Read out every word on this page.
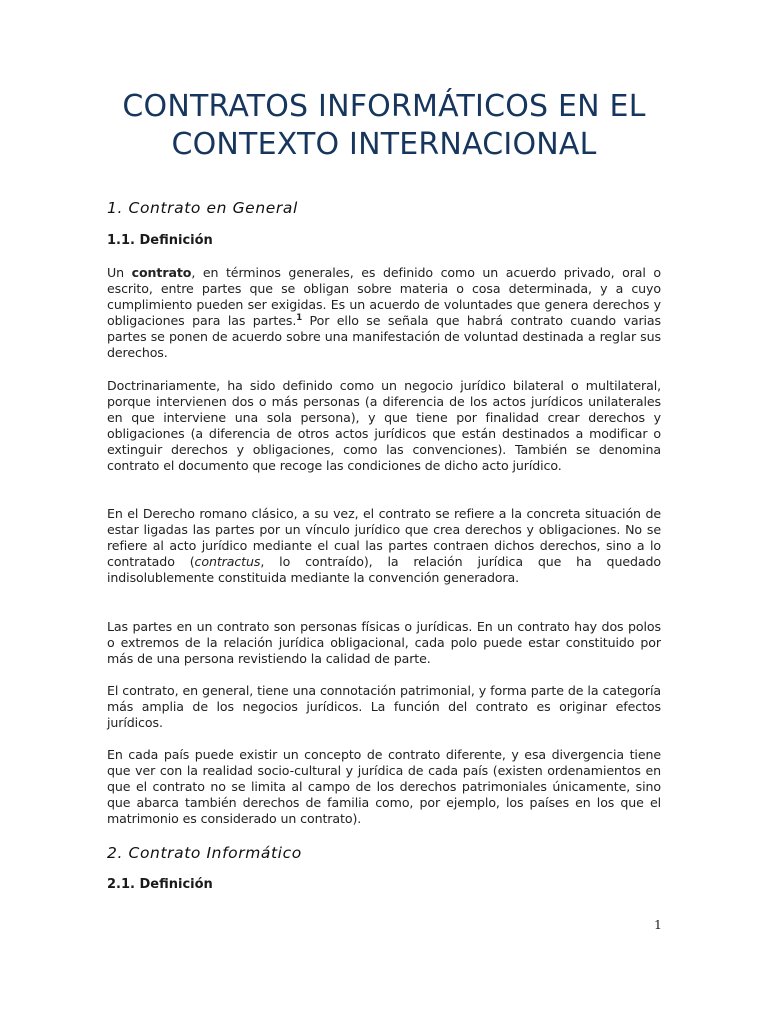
CONTRATOS INFORMÁTICOS EN EL CONTEXTO INTERNACIONAL
1. Contrato en General
1.1. Definición

Un contrato, en términos generales, es definido como un acuerdo privado, oral o escrito, entre partes que se obligan sobre materia o cosa determinada, y a cuyo cumplimiento pueden ser exigidas. Es un acuerdo de voluntades que genera derechos y obligaciones para las partes.$^1$ Por ello se señala que habrá contrato cuando varias partes se ponen de acuerdo sobre una manifestación de voluntad destinada a reglar sus derechos.

Doctrinariamente, ha sido definido como un negocio jurídico bilateral o multilateral, porque intervienen dos o más personas (a diferencia de los actos jurídicos unilaterales en que interviene una sola persona), y que tiene por finalidad crear derechos y obligaciones (a diferencia de otros actos jurídicos que están destinados a modificar o extinguir derechos y obligaciones, como las convenciones). También se denomina contrato el documento que recoge las condiciones de dicho acto jurídico.

En el Derecho romano clásico, a su vez, el contrato se refiere a la concreta situación de estar ligadas las partes por un vínculo jurídico que crea derechos y obligaciones. No se refiere al acto jurídico mediante el cual las partes contraen dichos derechos, sino a lo contratado (contractus, lo contraído), la relación jurídica que ha quedado indisolublemente constituida mediante la convención generadora.

Las partes en un contrato son personas físicas o jurídicas. En un contrato hay dos polos o extremos de la relación jurídica obligacional, cada polo puede estar constituido por más de una persona revistiendo la calidad de parte.

El contrato, en general, tiene una connotación patrimonial, y forma parte de la categoría más amplia de los negocios jurídicos. La función del contrato es originar efectos jurídicos.

En cada país puede existir un concepto de contrato diferente, y esa divergencia tiene que ver con la realidad socio-cultural y jurídica de cada país (existen ordenamientos en que el contrato no se limita al campo de los derechos patrimoniales únicamente, sino que abarca también derechos de familia como, por ejemplo, los países en los que el matrimonio es considerado un contrato).

2. Contrato Informático
2.1. Definición
1
